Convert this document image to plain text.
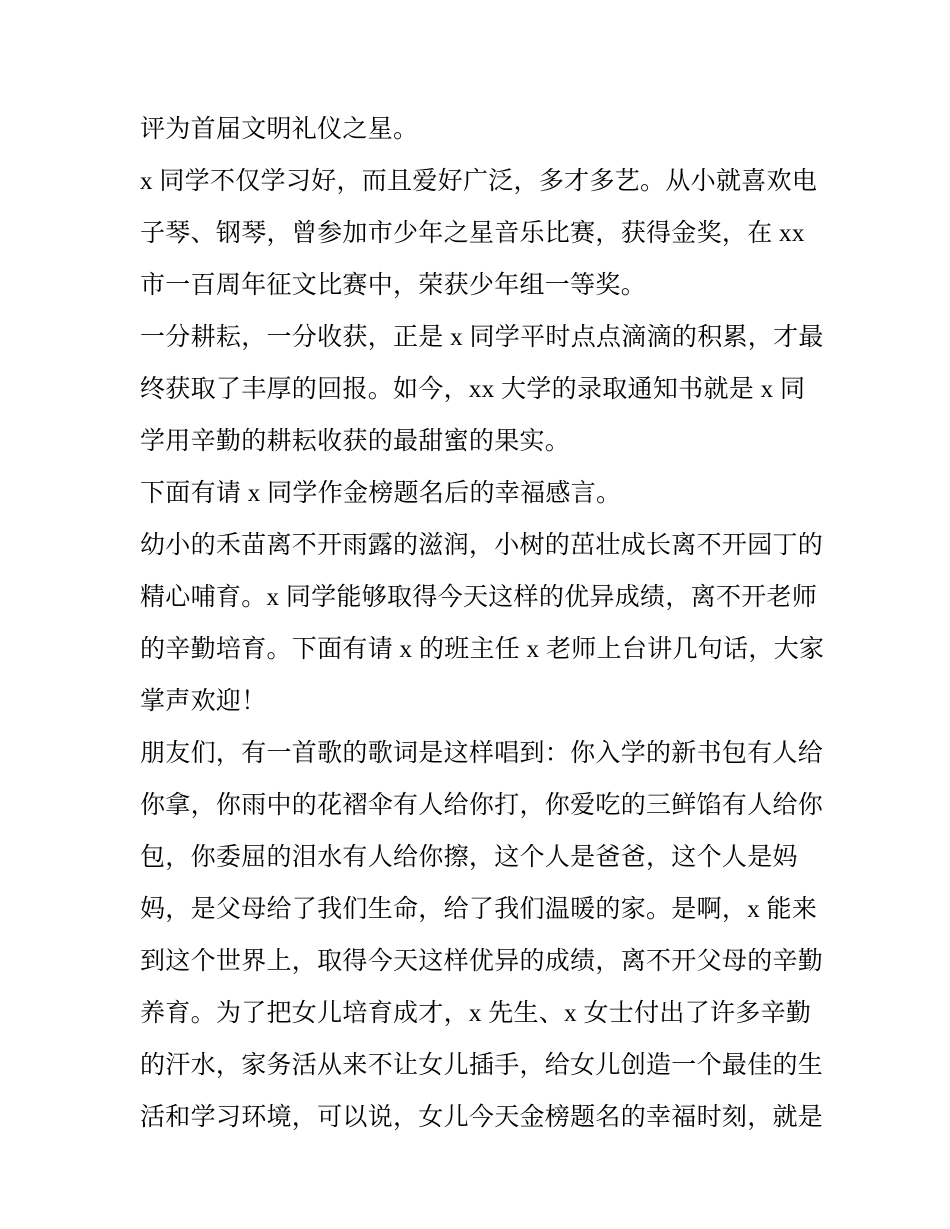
评为首届文明礼仪之星。
x 同学不仅学习好，而且爱好广泛，多才多艺。从小就喜欢电
子琴、钢琴，曾参加市少年之星音乐比赛，获得金奖，在 xx
市一百周年征文比赛中，荣获少年组一等奖。
一分耕耘，一分收获，正是 x 同学平时点点滴滴的积累，才最
终获取了丰厚的回报。如今，xx 大学的录取通知书就是 x 同
学用辛勤的耕耘收获的最甜蜜的果实。
下面有请 x 同学作金榜题名后的幸福感言。
幼小的禾苗离不开雨露的滋润，小树的茁壮成长离不开园丁的
精心哺育。x 同学能够取得今天这样的优异成绩，离不开老师
的辛勤培育。下面有请 x 的班主任 x 老师上台讲几句话，大家
掌声欢迎！
朋友们，有一首歌的歌词是这样唱到：你入学的新书包有人给
你拿，你雨中的花褶伞有人给你打，你爱吃的三鲜馅有人给你
包，你委屈的泪水有人给你擦，这个人是爸爸，这个人是妈
妈，是父母给了我们生命，给了我们温暖的家。是啊，x 能来
到这个世界上，取得今天这样优异的成绩，离不开父母的辛勤
养育。为了把女儿培育成才，x 先生、x 女士付出了许多辛勤
的汗水，家务活从来不让女儿插手，给女儿创造一个最佳的生
活和学习环境，可以说，女儿今天金榜题名的幸福时刻，就是
